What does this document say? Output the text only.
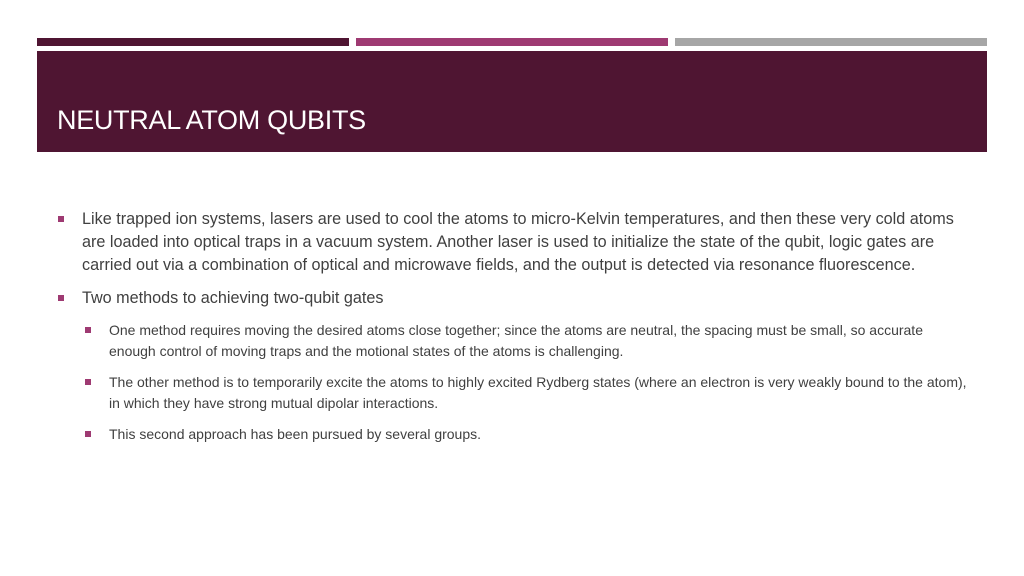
NEUTRAL ATOM QUBITS
Like trapped ion systems, lasers are used to cool the atoms to micro-Kelvin temperatures, and then these very cold atoms are loaded into optical traps in a vacuum system. Another laser is used to initialize the state of the qubit, logic gates are carried out via a combination of optical and microwave fields, and the output is detected via resonance fluorescence.
Two methods to achieving two-qubit gates
One method requires moving the desired atoms close together; since the atoms are neutral, the spacing must be small, so accurate enough control of moving traps and the motional states of the atoms is challenging.
The other method is to temporarily excite the atoms to highly excited Rydberg states (where an electron is very weakly bound to the atom), in which they have strong mutual dipolar interactions.
This second approach has been pursued by several groups.
